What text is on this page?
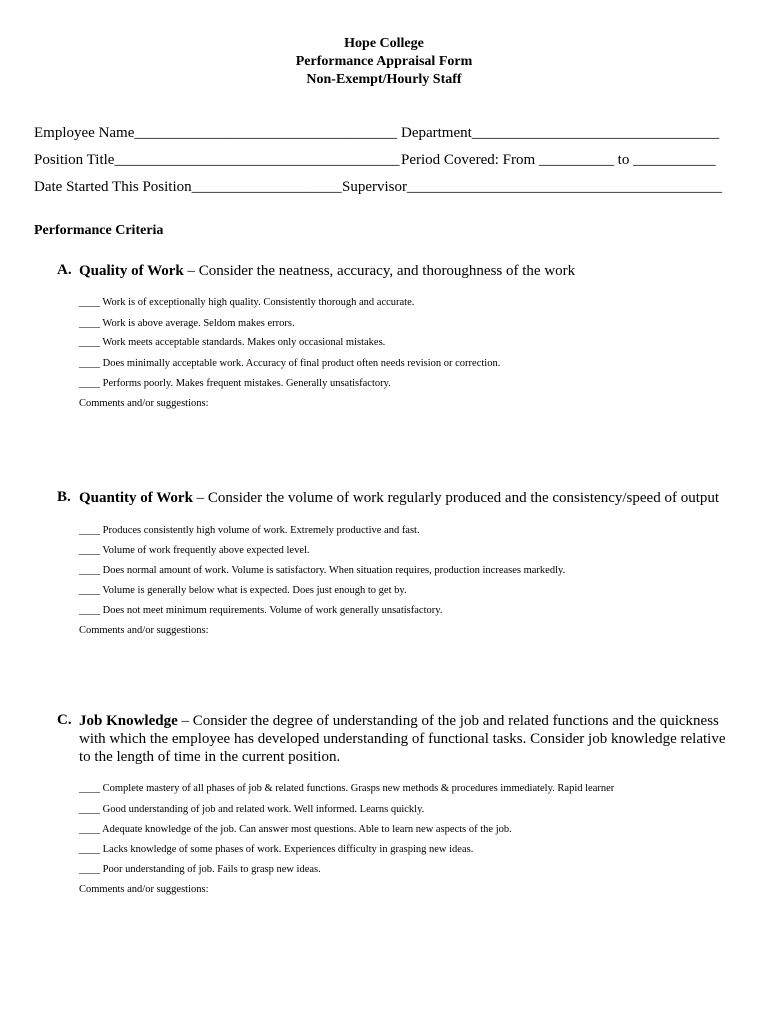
Hope College
Performance Appraisal Form
Non-Exempt/Hourly Staff
Employee Name___________________________________ Department_________________________________
Position Title______________________________________ Period Covered: From __________ to ___________
Date Started This Position____________________ Supervisor__________________________________________
Performance Criteria
A. Quality of Work – Consider the neatness, accuracy, and thoroughness of the work
____ Work is of exceptionally high quality. Consistently thorough and accurate.
____ Work is above average. Seldom makes errors.
____ Work meets acceptable standards. Makes only occasional mistakes.
____ Does minimally acceptable work. Accuracy of final product often needs revision or correction.
____ Performs poorly. Makes frequent mistakes. Generally unsatisfactory.
Comments and/or suggestions:
B. Quantity of Work – Consider the volume of work regularly produced and the consistency/speed of output
____ Produces consistently high volume of work. Extremely productive and fast.
____ Volume of work frequently above expected level.
____ Does normal amount of work. Volume is satisfactory. When situation requires, production increases markedly.
____ Volume is generally below what is expected. Does just enough to get by.
____ Does not meet minimum requirements. Volume of work generally unsatisfactory.
Comments and/or suggestions:
C. Job Knowledge – Consider the degree of understanding of the job and related functions and the quickness with which the employee has developed understanding of functional tasks. Consider job knowledge relative to the length of time in the current position.
____ Complete mastery of all phases of job & related functions. Grasps new methods & procedures immediately. Rapid learner
____ Good understanding of job and related work. Well informed. Learns quickly.
____ Adequate knowledge of the job. Can answer most questions. Able to learn new aspects of the job.
____ Lacks knowledge of some phases of work. Experiences difficulty in grasping new ideas.
____ Poor understanding of job. Fails to grasp new ideas.
Comments and/or suggestions:
